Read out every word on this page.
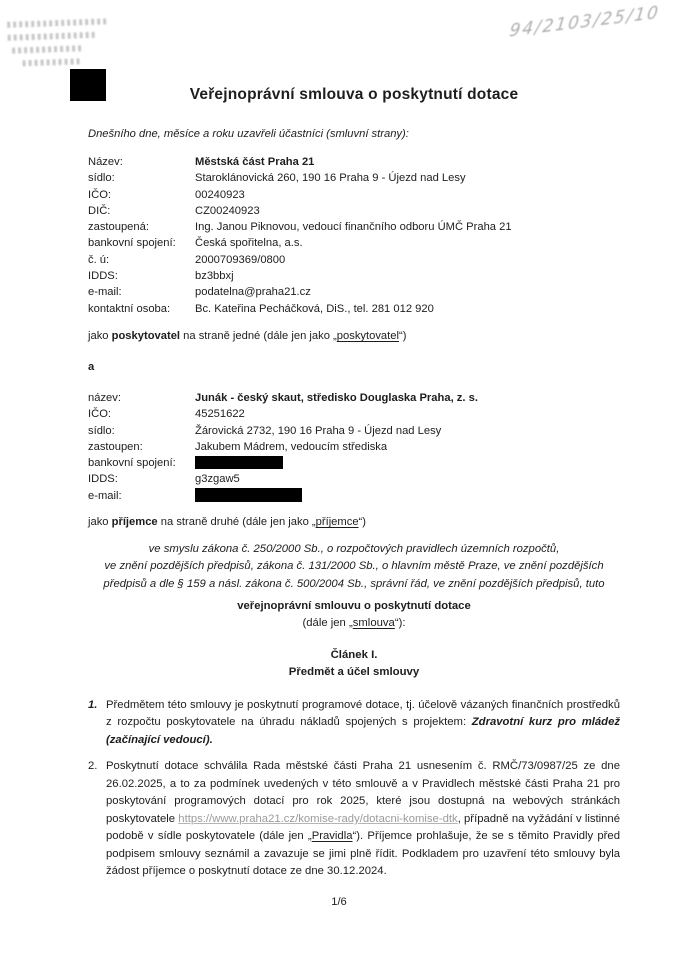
94/2103/25/10
Veřejnoprávní smlouva o poskytnutí dotace
Dnešního dne, měsíce a roku uzavřeli účastníci (smluvní strany):
Název:	Městská část Praha 21
sídlo:	Staroklánovická 260, 190 16 Praha 9 - Újezd nad Lesy
IČO:	00240923
DIČ:	CZ00240923
zastoupená:	Ing. Janou Piknovou, vedoucí finančního odboru ÚMČ Praha 21
bankovní spojení: Česká spořitelna, a.s.
č. ú:	2000709369/0800
IDDS:	bz3bbxj
e-mail:	podatelna@praha21.cz
kontaktní osoba: Bc. Kateřina Pecháčková, DiS., tel. 281 012 920
jako poskytovatel na straně jedné (dále jen jako „poskytovatel“)
a
název:	Junák - český skaut, středisko Douglaska Praha, z. s.
IČO:	45251622
sídlo:	Žárovická 2732, 190 16 Praha 9 - Újezd nad Lesy
zastoupen:	Jakubem Mádrem, vedoucím střediska
bankovní spojení:
IDDS:	g3zgaw5
e-mail:
jako příjemce na straně druhé (dále jen jako „příjemce“)
ve smyslu zákona č. 250/2000 Sb., o rozpočtových pravidlech územních rozpočtů,
ve znění pozdějších předpisů, zákona č. 131/2000 Sb., o hlavním městě Praze, ve znění pozdějších
předpisů a dle § 159 a násl. zákona č. 500/2004 Sb., správní řád, ve znění pozdějších předpisů, tuto
veřejnoprávní smlouvu o poskytnutí dotace
(dále jen „smlouva“):
Článek I.
Předmět a účel smlouvy
1. Předmětem této smlouvy je poskytnutí programové dotace, tj. účelově vázaných finančních prostředků z rozpočtu poskytovatele na úhradu nákladů spojených s projektem: Zdravotní kurz pro mládež (začínající vedoucí).
2. Poskytnutí dotace schválila Rada městské části Praha 21 usnesením č. RMČ/73/0987/25 ze dne 26.02.2025, a to za podmínek uvedených v této smlouvě a v Pravidlech městské části Praha 21 pro poskytování programových dotací pro rok 2025, které jsou dostupná na webových stránkách poskytovatele https://www.praha21.cz/komise-rady/dotacni-komise-dtk, případně na vyžádání v listinné podobě v sídle poskytovatele (dále jen „Pravidla“). Příjemce prohlašuje, že se s těmito Pravidly před podpisem smlouvy seznámil a zavazuje se jimi plně řídit. Podkladem pro uzavření této smlouvy byla žádost příjemce o poskytnutí dotace ze dne 30.12.2024.
1/6
